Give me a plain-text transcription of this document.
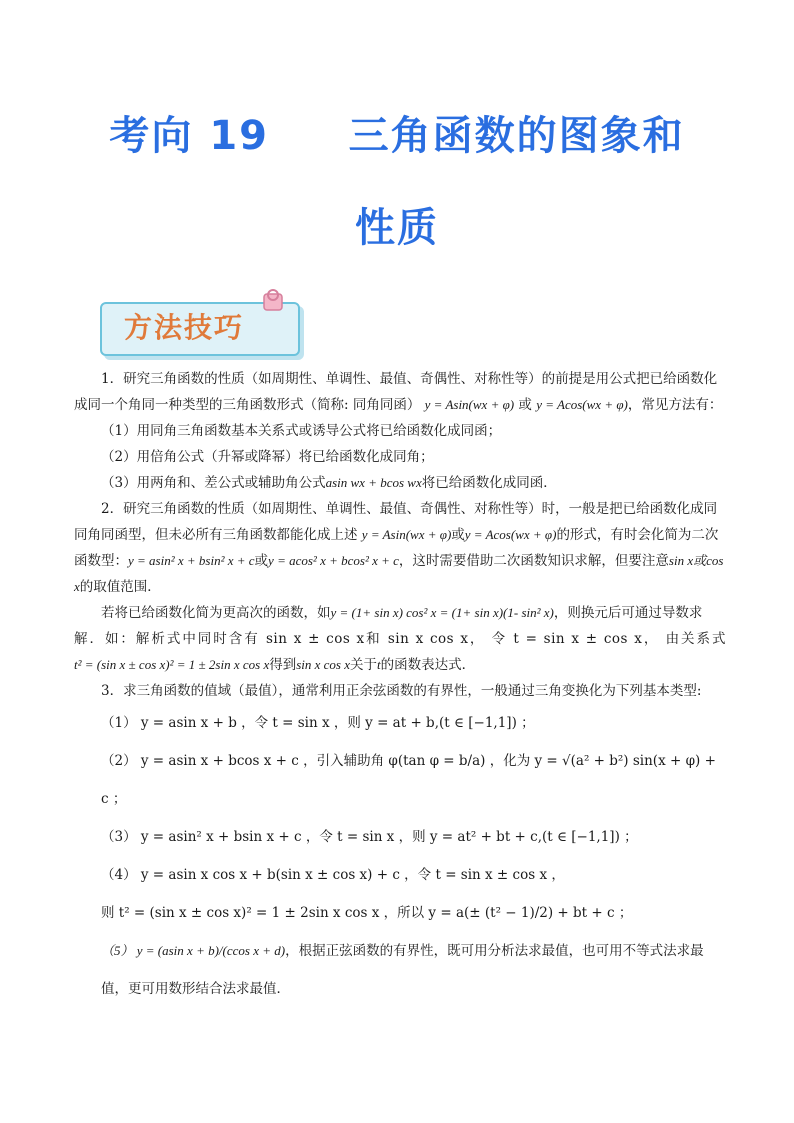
考向 19     三角函数的图象和
性质
方法技巧

1．研究三角函数的性质（如周期性、单调性、最值、奇偶性、对称性等）的前提是用公式把已给函数化成同一个角同一种类型的三角函数形式（简称: 同角同函） y = Asin(wx + φ) 或 y = Acos(wx + φ)，常见方法有：

（1）用同角三角函数基本关系式或诱导公式将已给函数化成同函；

（2）用倍角公式（升幂或降幂）将已给函数化成同角；

（3）用两角和、差公式或辅助角公式asin wx + bcos wx将已给函数化成同函．

2．研究三角函数的性质（如周期性、单调性、最值、奇偶性、对称性等）时，一般是把已给函数化成同同角同函型，但未必所有三角函数都能化成上述 y = Asin(wx + φ)或y = Acos(wx + φ)的形式，有时会化简为二次函数型：y = asin² x + bsin² x + c或y = acos² x + bcos² x + c，这时需要借助二次函数知识求解，但要注意sin x或cos x的取值范围．

若将已给函数化简为更高次的函数，如y = (1+ sin x) cos² x = (1+ sin x)(1- sin² x)，则换元后可通过导数求

解．如：解析式中同时含有 sin x ± cos x和 sin x cos x， 令 t = sin x ± cos x， 由关系式

t² = (sin x ± cos x)² = 1 ± 2sin x cos x得到sin x cos x关于t的函数表达式．

3．求三角函数的值域（最值），通常利用正余弦函数的有界性，一般通过三角变换化为下列基本类型:

（1） y = asin x + b ，令 t = sin x ，则 y = at + b,(t ∈ [−1,1]) ；

（2） y = asin x + bcos x + c ，引入辅助角 φ(tan φ = b/a) ，化为 y = √(a² + b²) sin(x + φ) + c ；

（3） y = asin² x + bsin x + c ，令 t = sin x ，则 y = at² + bt + c,(t ∈ [−1,1]) ；

（4） y = asin x cos x + b(sin x ± cos x) + c ，令 t = sin x ± cos x ，

则 t² = (sin x ± cos x)² = 1 ± 2sin x cos x ，所以 y = a(± (t² − 1)/2) + bt + c ；

（5） y = (asin x + b)/(ccos x + d)，根据正弦函数的有界性，既可用分析法求最值，也可用不等式法求最值，更可用数形结合法求最值．
